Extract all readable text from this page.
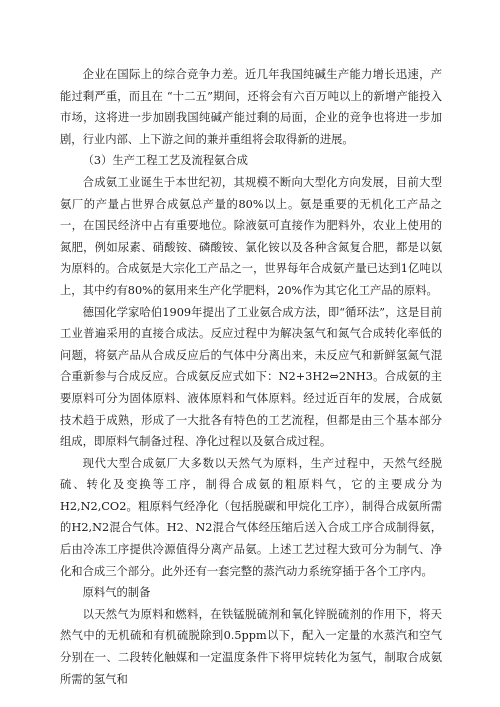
企业在国际上的综合竞争力差。近几年我国纯碱生产能力增长迅速，产能过剩严重，而且在 “十二五”期间，还将会有六百万吨以上的新增产能投入市场，这将进一步加剧我国纯碱产能过剩的局面，企业的竞争也将进一步加剧，行业内部、上下游之间的兼并重组将会取得新的进展。

（3）生产工程工艺及流程氨合成

合成氨工业诞生于本世纪初，其规模不断向大型化方向发展，目前大型氨厂的产量占世界合成氨总产量的80%以上。氨是重要的无机化工产品之一，在国民经济中占有重要地位。除液氨可直接作为肥料外，农业上使用的氮肥，例如尿素、硝酸铵、磷酸铵、氯化铵以及各种含氮复合肥，都是以氨为原料的。合成氨是大宗化工产品之一，世界每年合成氨产量已达到1亿吨以上，其中约有80%的氨用来生产化学肥料，20%作为其它化工产品的原料。

德国化学家哈伯1909年提出了工业氨合成方法，即“循环法”，这是目前工业普遍采用的直接合成法。反应过程中为解决氢气和氮气合成转化率低的问题，将氨产品从合成反应后的气体中分离出来，未反应气和新鲜氢氮气混合重新参与合成反应。合成氨反应式如下：N2+3H2⇔2NH3。合成氨的主要原料可分为固体原料、液体原料和气体原料。经过近百年的发展，合成氨技术趋于成熟，形成了一大批各有特色的工艺流程，但都是由三个基本部分组成，即原料气制备过程、净化过程以及氨合成过程。

现代大型合成氨厂大多数以天然气为原料，生产过程中，天然气经脱硫、转化及变换等工序，制得合成氨的粗原料气，它的主要成分为H2,N2,CO2。粗原料气经净化（包括脱碳和甲烷化工序），制得合成氨所需的H2,N2混合气体。H2、N2混合气体经压缩后送入合成工序合成制得氨，后由冷冻工序提供冷源值得分离产品氨。上述工艺过程大致可分为制气、净化和合成三个部分。此外还有一套完整的蒸汽动力系统穿插于各个工序内。

原料气的制备

以天然气为原料和燃料，在铁锰脱硫剂和氧化锌脱硫剂的作用下，将天然气中的无机硫和有机硫脱除到0.5ppm以下，配入一定量的水蒸汽和空气分别在一、二段转化触媒和一定温度条件下将甲烷转化为氢气，制取合成氨所需的氢气和
